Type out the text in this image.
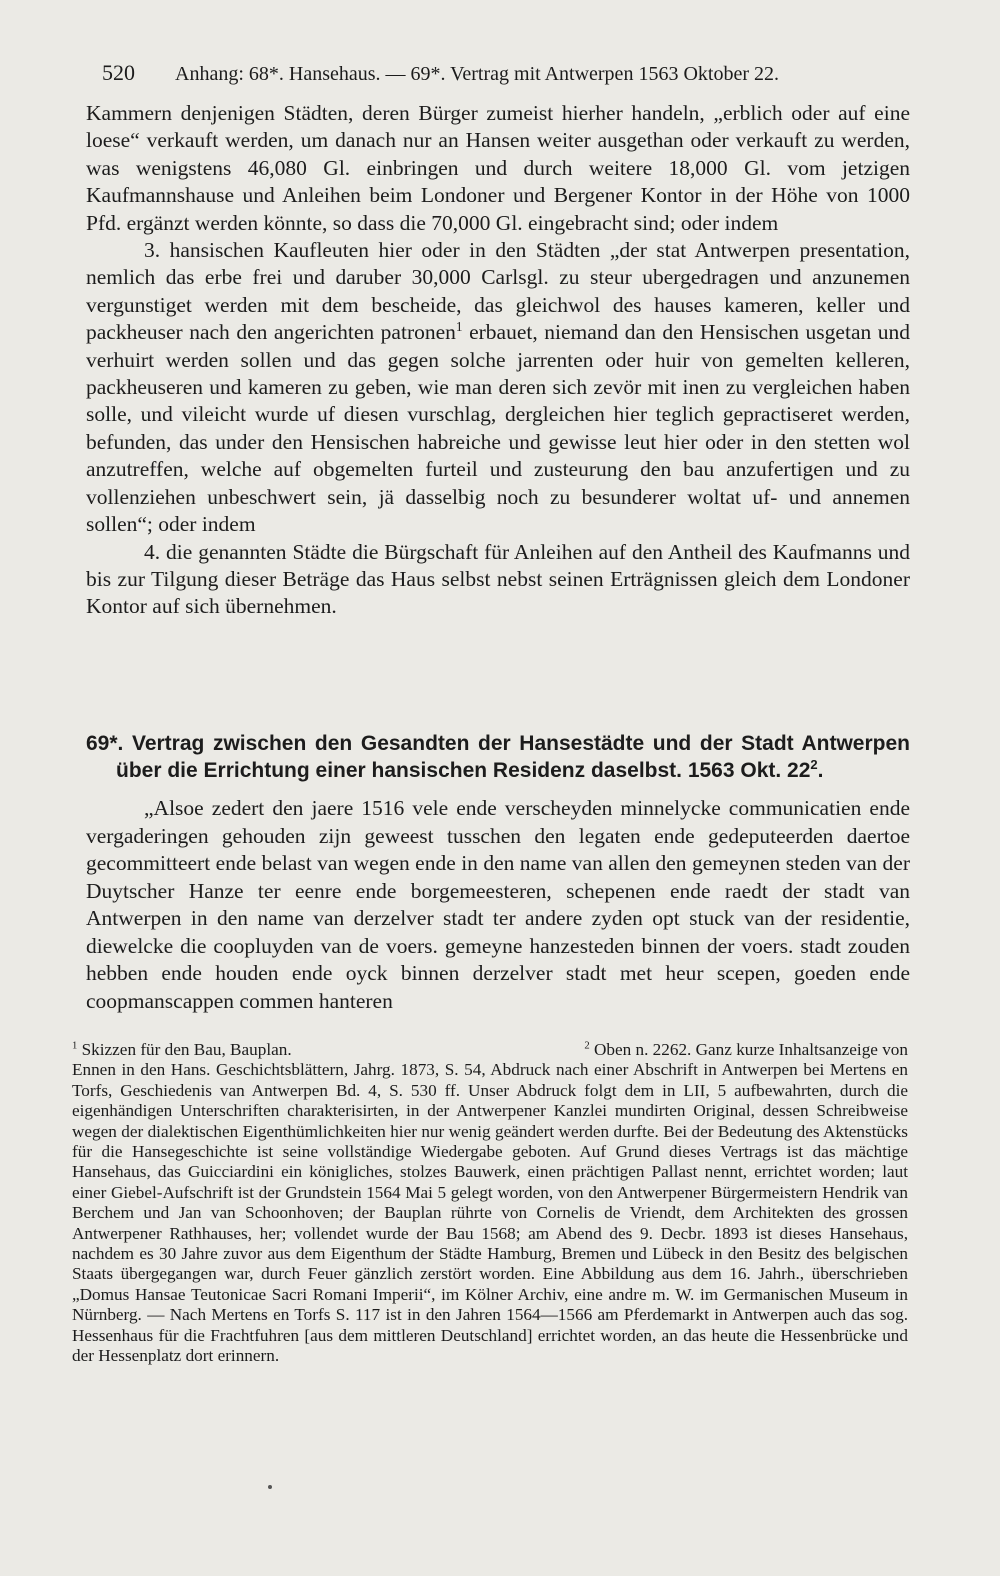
520 Anhang: 68*. Hansehaus. — 69*. Vertrag mit Antwerpen 1563 Oktober 22.

Kammern denjenigen Städten, deren Bürger zumeist hierher handeln, „erblich oder auf eine loese“ verkauft werden, um danach nur an Hansen weiter ausgethan oder verkauft zu werden, was wenigstens 46,080 Gl. einbringen und durch weitere 18,000 Gl. vom jetzigen Kaufmannshause und Anleihen beim Londoner und Bergener Kontor in der Höhe von 1000 Pfd. ergänzt werden könnte, so dass die 70,000 Gl. eingebracht sind; oder indem

3. hansischen Kaufleuten hier oder in den Städten „der stat Antwerpen presentation, nemlich das erbe frei und daruber 30,000 Carlsgl. zu steur ubergedragen und anzunemen vergunstiget werden mit dem bescheide, das gleichwol des hauses kameren, keller und packheuser nach den angerichten patronen$^1$ erbauet, niemand dan den Hensischen usgetan und verhuirt werden sollen und das gegen solche jarrenten oder huir von gemelten kelleren, packheuseren und kameren zu geben, wie man deren sich zevör mit inen zu vergleichen haben solle, und vileicht wurde uf diesen vurschlag, dergleichen hier teglich gepractiseret werden, befunden, das under den Hensischen habreiche und gewisse leut hier oder in den stetten wol anzutreffen, welche auf obgemelten furteil und zusteurung den bau anzufertigen und zu vollenziehen unbeschwert sein, jä dasselbig noch zu besunderer woltat uf- und annemen sollen“; oder indem

4. die genannten Städte die Bürgschaft für Anleihen auf den Antheil des Kaufmanns und bis zur Tilgung dieser Beträge das Haus selbst nebst seinen Erträgnissen gleich dem Londoner Kontor auf sich übernehmen.

69*. Vertrag zwischen den Gesandten der Hansestädte und der Stadt Antwerpen
über die Errichtung einer hansischen Residenz daselbst. 1563 Okt. $22^2$.

„Alsoe zedert den jaere 1516 vele ende verscheyden minnelycke communicatien ende vergaderingen gehouden zijn geweest tusschen den legaten ende gedeputeerden daertoe gecommitteert ende belast van wegen ende in den name van allen den gemeynen steden van der Duytscher Hanze ter eenre ende borgemeesteren, schepenen ende raedt der stadt van Antwerpen in den name van derzelver stadt ter andere zyden opt stuck van der residentie, diewelcke die coopluyden van de voers. gemeyne hanzesteden binnen der voers. stadt zouden hebben ende houden ende oyck binnen derzelver stadt met heur scepen, goeden ende coopmanscappen commen hanteren

$^1$ Skizzen für den Bau, Bauplan.	$^2$ Oben n. 2262. Ganz kurze Inhaltsanzeige von

Ennen in den Hans. Geschichtsblättern, Jahrg. 1873, S. 54, Abdruck nach einer Abschrift in Antwerpen bei Mertens en Torfs, Geschiedenis van Antwerpen Bd. 4, S. 530 ff. Unser Abdruck folgt dem in LII, 5 aufbewahrten, durch die eigenhändigen Unterschriften charakterisirten, in der Antwerpener Kanzlei mundirten Original, dessen Schreibweise wegen der dialektischen Eigenthümlichkeiten hier nur wenig geändert werden durfte. Bei der Bedeutung des Aktenstücks für die Hansegeschichte ist seine vollständige Wiedergabe geboten. Auf Grund dieses Vertrags ist das mächtige Hansehaus, das Guicciardini ein königliches, stolzes Bauwerk, einen prächtigen Pallast nennt, errichtet worden; laut einer Giebel-Aufschrift ist der Grundstein 1564 Mai 5 gelegt worden, von den Antwerpener Bürgermeistern Hendrik van Berchem und Jan van Schoonhoven; der Bauplan rührte von Cornelis de Vriendt, dem Architekten des grossen Antwerpener Rathhauses, her; vollendet wurde der Bau 1568; am Abend des 9. Decbr. 1893 ist dieses Hansehaus, nachdem es 30 Jahre zuvor aus dem Eigenthum der Städte Hamburg, Bremen und Lübeck in den Besitz des belgischen Staats übergegangen war, durch Feuer gänzlich zerstört worden. Eine Abbildung aus dem 16. Jahrh., überschrieben „Domus Hansae Teutonicae Sacri Romani Imperii“, im Kölner Archiv, eine andre m. W. im Germanischen Museum in Nürnberg. — Nach Mertens en Torfs S. 117 ist in den Jahren 1564—1566 am Pferdemarkt in Antwerpen auch das sog. Hessenhaus für die Frachtfuhren [aus dem mittleren Deutschland] errichtet worden, an das heute die Hessenbrücke und der Hessenplatz dort erinnern.
